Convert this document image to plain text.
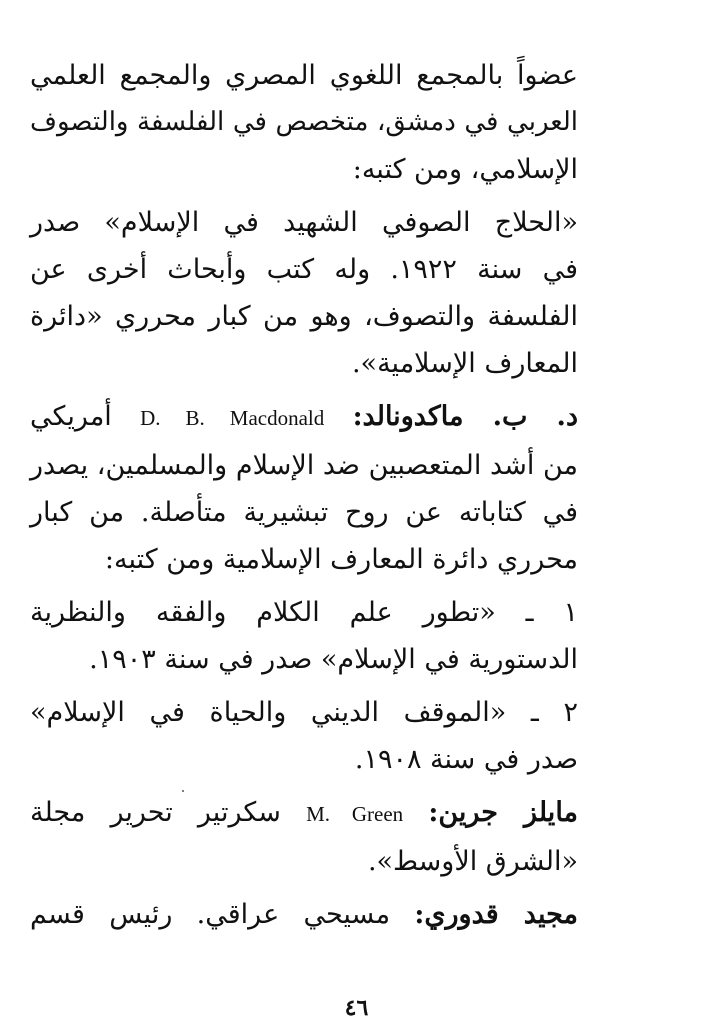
عضواً بالمجمع اللغوي المصري والمجمع العلمي
العربي في دمشق، متخصص في الفلسفة والتصوف
الإسلامي، ومن كتبه:
«الحلاج الصوفي الشهيد في الإسلام» صدر
في سنة ١٩٢٢. وله كتب وأبحاث أخرى عن
الفلسفة والتصوف، وهو من كبار محرري «دائرة
المعارف الإسلامية».
د. ب. ماكدونالد: D. B. Macdonald أمريكي
من أشد المتعصبين ضد الإسلام والمسلمين، يصدر
في كتاباته عن روح تبشيرية متأصلة. من كبار
محرري دائرة المعارف الإسلامية ومن كتبه:
١ ـ «تطور علم الكلام والفقه والنظرية
الدستورية في الإسلام» صدر في سنة ١٩٠٣.
٢ ـ «الموقف الديني والحياة في الإسلام»
صدر في سنة ١٩٠٨.
مايلز جرين: M. Green سكرتير تحرير مجلة
«الشرق الأوسط».
مجيد قدوري: مسيحي عراقي. رئيس قسم
٤٦
